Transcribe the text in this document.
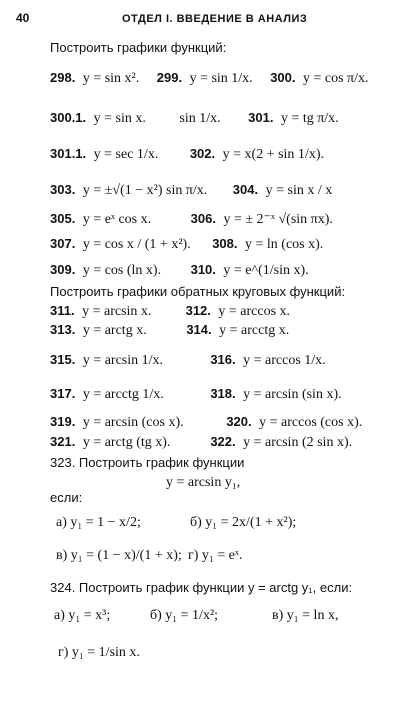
40	ОТДЕЛ I. ВВЕДЕНИЕ В АНАЛИЗ
Построить графики функций:
298. y = sin x². 299. y = sin 1/x. 300. y = cos π/x.
300.1. y = sin x. sin 1/x. 301. y = tg π/x.
301.1. y = sec 1/x. 302. y = x(2 + sin 1/x).
303. y = ±√(1 − x²) sin π/x. 304. y = sin x / x
305. y = eˣ cos x.	306. y = ± 2⁻ˣ √(sin πx).
307. y = cos x / (1 + x²). 308. y = ln (cos x).
309. y = cos (ln x). 310. y = e^(1/sin x).
Построить графики обратных круговых функций:
311. y = arcsin x.	312. y = arccos x.
313. y = arctg x.	314. y = arcctg x.
315. y = arcsin 1/x.	316. y = arccos 1/x.
317. y = arcctg 1/x.	318. y = arcsin (sin x).
319. y = arcsin (cos x).	320. y = arccos (cos x).
321. y = arctg (tg x).	322. y = arcsin (2 sin x).
323. Построить график функции
y = arcsin y₁,
если:
а) y₁ = 1 − x/2;	б) y₁ = 2x/(1 + x²);
в) y₁ = (1 − x)/(1 + x); г) y₁ = eˣ.
324. Построить график функции y = arctg y₁, если:
а) y₁ = x³;	б) y₁ = 1/x²;	в) y₁ = ln x,
г) y₁ = 1/sin x.
